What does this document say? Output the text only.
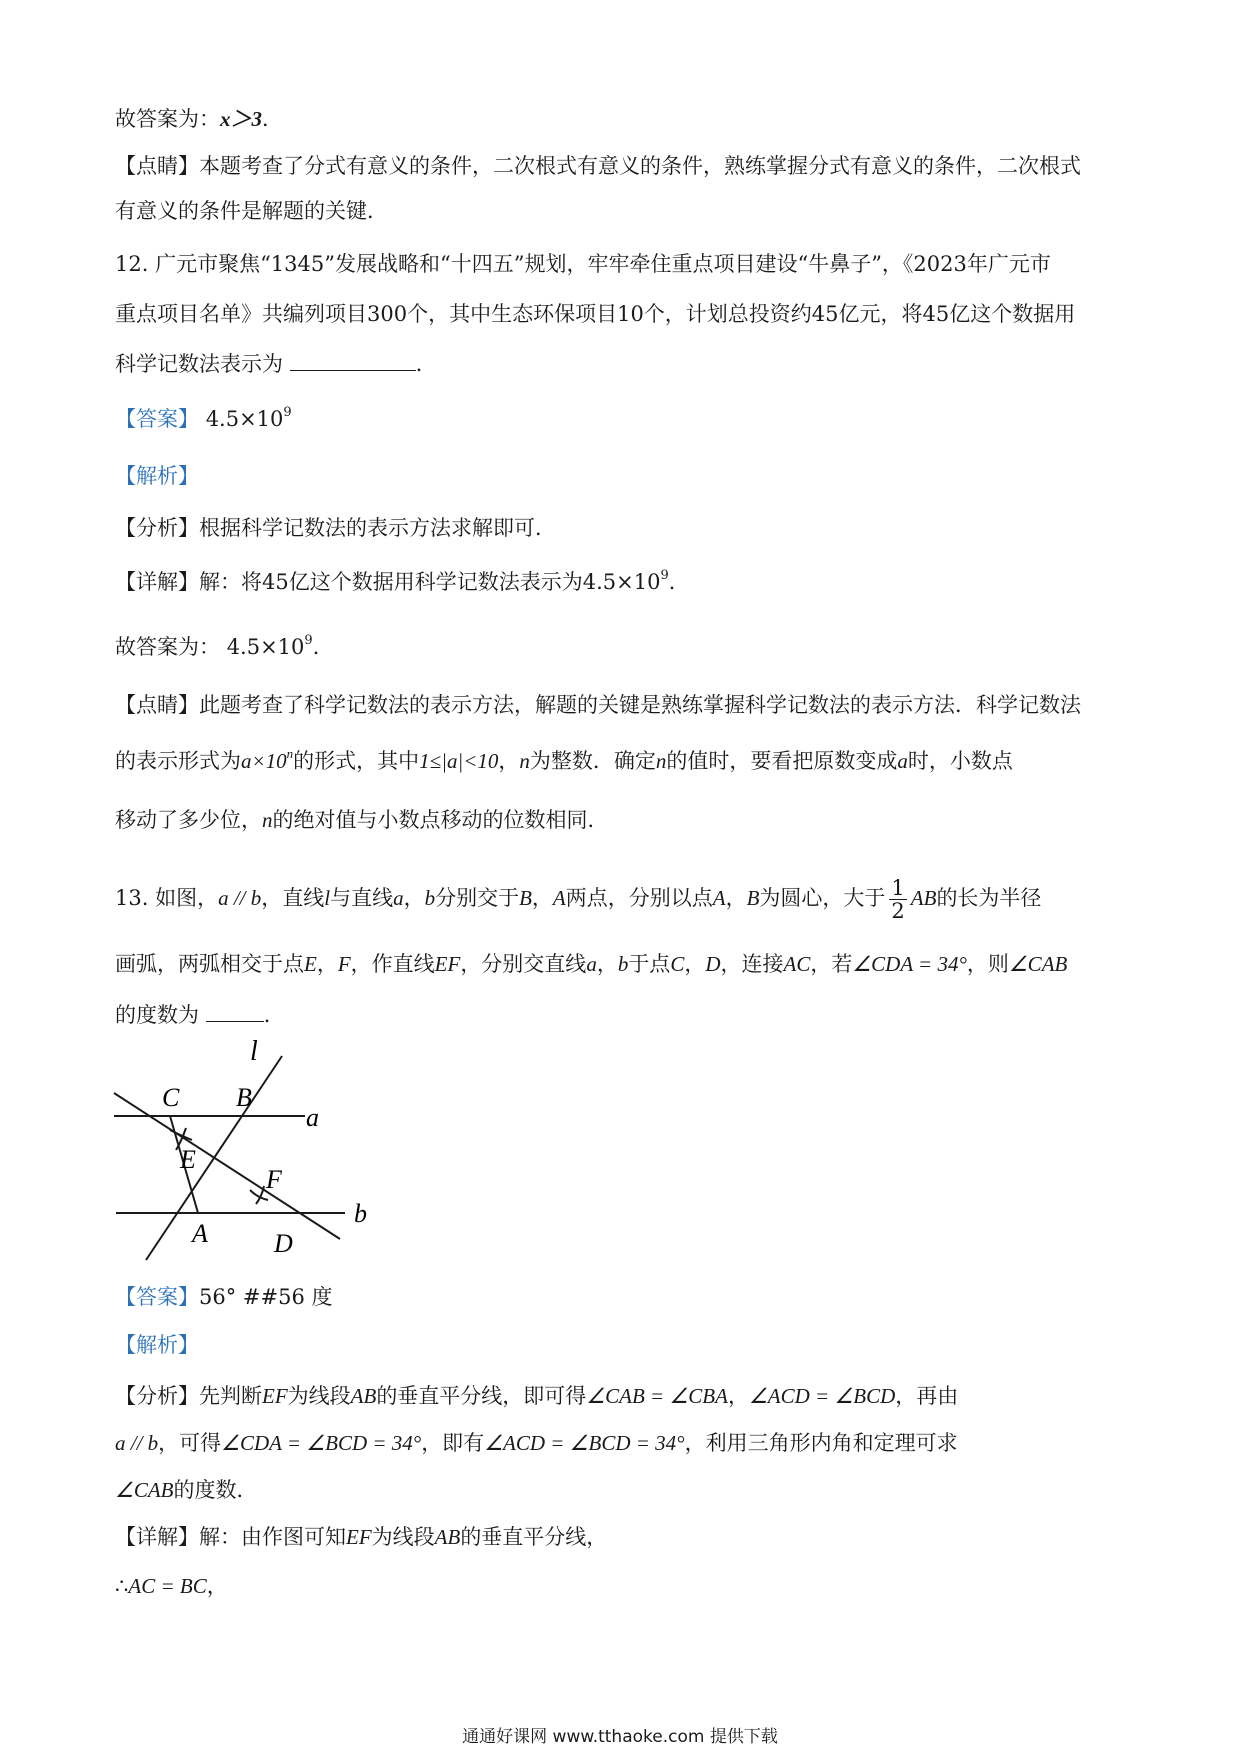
故答案为：x＞3．
【点睛】本题考查了分式有意义的条件，二次根式有意义的条件，熟练掌握分式有意义的条件，二次根式
有意义的条件是解题的关键．
12. 广元市聚焦“1345”发展战略和“十四五”规划，牢牢牵住重点项目建设“牛鼻子”，《2023年广元市
重点项目名单》共编列项目300个，其中生态环保项目10个，计划总投资约45亿元，将45亿这个数据用
科学记数法表示为	．
【答案】 $4.5\times 10^9$
【解析】
【分析】根据科学记数法的表示方法求解即可．
【详解】解：将45亿这个数据用科学记数法表示为$4.5\times 10^9$．
故答案为： $4.5\times 10^9$．
【点睛】此题考查了科学记数法的表示方法，解题的关键是熟练掌握科学记数法的表示方法．科学记数法
的表示形式为$a\times 10^n$的形式，其中1≤|a|<10，n为整数．确定n的值时，要看把原数变成a时，小数点
移动了多少位，n的绝对值与小数点移动的位数相同．
13. 如图，a // b，直线l与直线a，b分别交于B，A两点，分别以点A，B为圆心，大于 $\frac{1}{2}$ AB的长为半径
画弧，两弧相交于点E，F，作直线EF，分别交直线a，b于点C，D，连接AC，若∠CDA = 34°，则∠CAB
的度数为	．
l
C B
a
E
F
b
A	D
【答案】56° ##56 度
【解析】
【分析】先判断EF为线段AB的垂直平分线，即可得∠CAB = ∠CBA，∠ACD = ∠BCD，再由
a // b，可得∠CDA = ∠BCD = 34°，即有∠ACD = ∠BCD = 34°，利用三角形内角和定理可求
∠CAB的度数．
【详解】解：由作图可知EF为线段AB的垂直平分线，
∴AC = BC，
通通好课网 www.tthaoke.com 提供下载
